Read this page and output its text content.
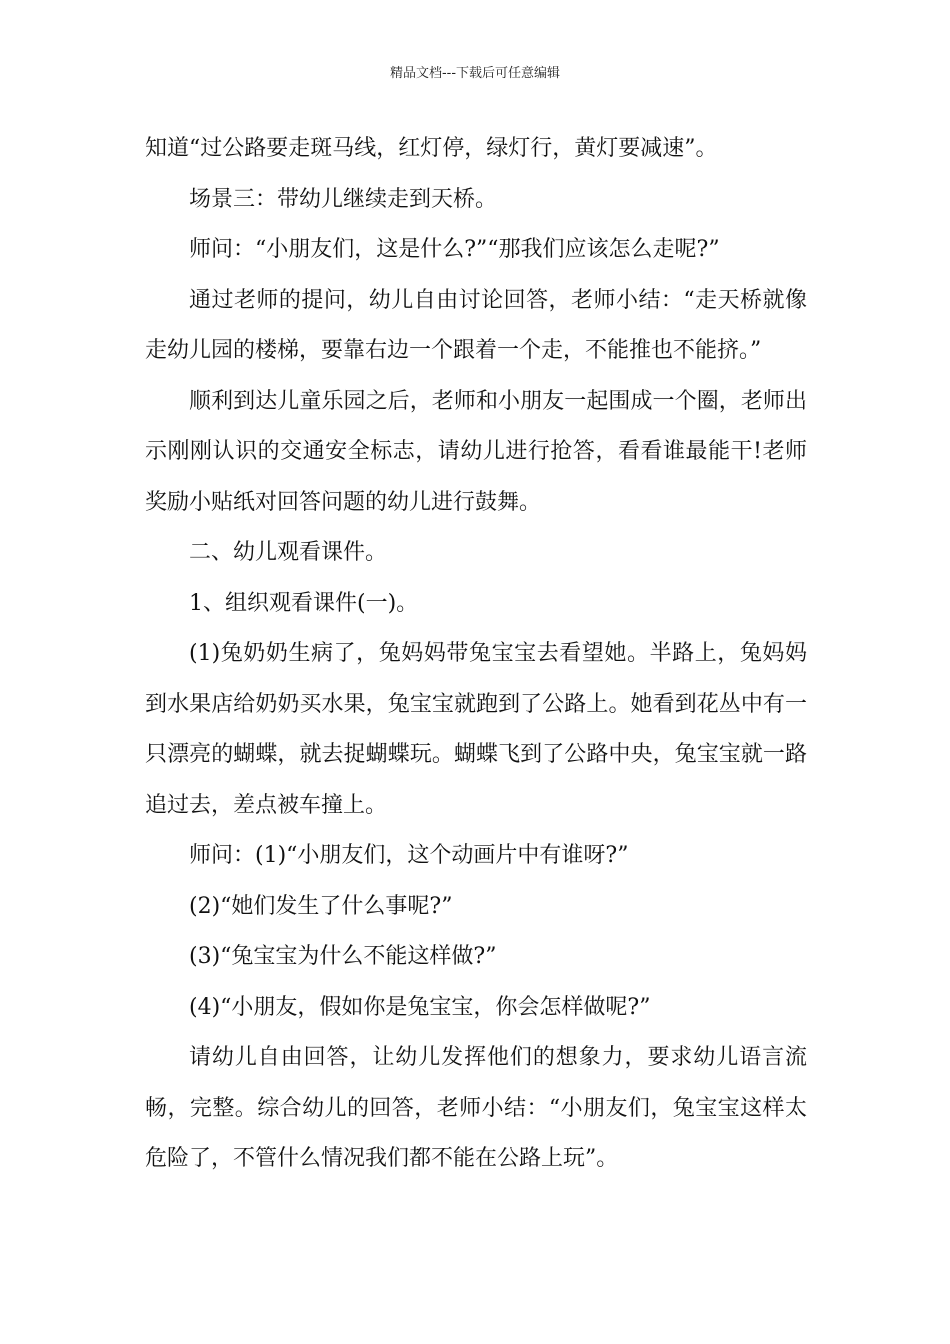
精品文档---下载后可任意编辑

知道“过公路要走斑马线，红灯停，绿灯行，黄灯要减速”。

场景三：带幼儿继续走到天桥。

师问：“小朋友们，这是什么?”“那我们应该怎么走呢?”

通过老师的提问，幼儿自由讨论回答，老师小结：“走天桥就像走幼儿园的楼梯，要靠右边一个跟着一个走，不能推也不能挤。”

顺利到达儿童乐园之后，老师和小朋友一起围成一个圈，老师出示刚刚认识的交通安全标志，请幼儿进行抢答，看看谁最能干!老师奖励小贴纸对回答问题的幼儿进行鼓舞。

二、幼儿观看课件。

1、组织观看课件(一)。

(1)兔奶奶生病了，兔妈妈带兔宝宝去看望她。半路上，兔妈妈到水果店给奶奶买水果，兔宝宝就跑到了公路上。她看到花丛中有一只漂亮的蝴蝶，就去捉蝴蝶玩。蝴蝶飞到了公路中央，兔宝宝就一路追过去，差点被车撞上。

师问：(1)“小朋友们，这个动画片中有谁呀?”

(2)“她们发生了什么事呢?”

(3)“兔宝宝为什么不能这样做?”

(4)“小朋友，假如你是兔宝宝，你会怎样做呢?”

请幼儿自由回答，让幼儿发挥他们的想象力，要求幼儿语言流畅，完整。综合幼儿的回答，老师小结：“小朋友们，兔宝宝这样太危险了，不管什么情况我们都不能在公路上玩”。
